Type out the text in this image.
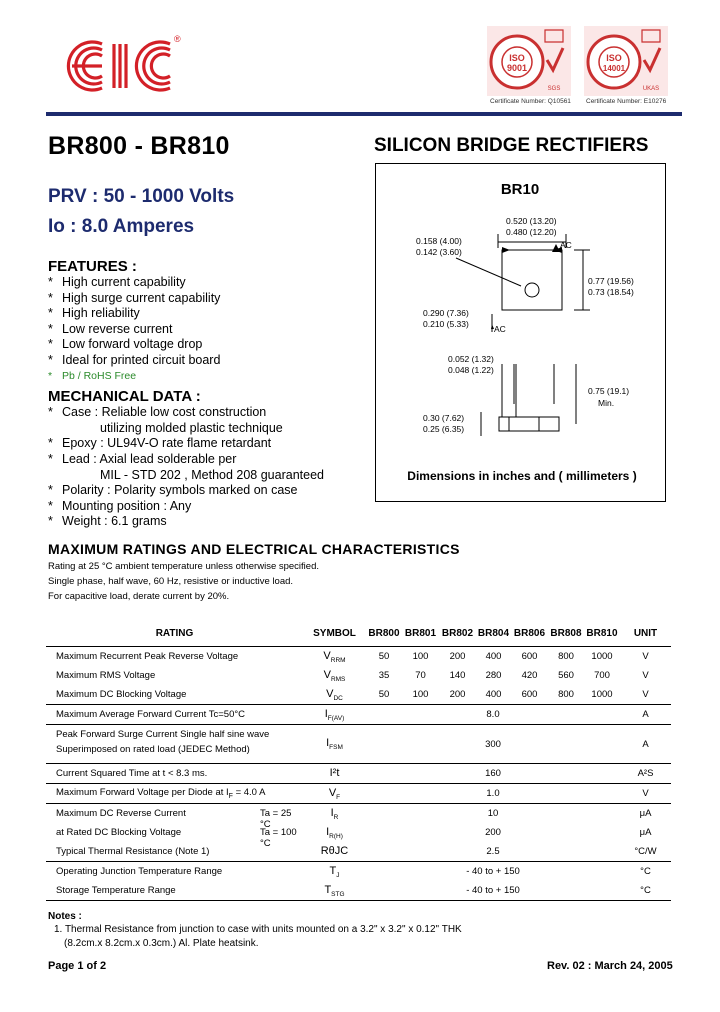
®
ISO
9001
SGS
Certificate Number: Q10561
ISO
14001
UKAS
Certificate Number: E10276
BR800 - BR810	SILICON BRIDGE RECTIFIERS
PRV : 50 - 1000 Volts
Io : 8.0 Amperes
FEATURES :
* High current capability
* High surge current capability
* High reliability
* Low reverse current
* Low forward voltage drop
* Ideal for printed circuit board
* Pb / RoHS Free
MECHANICAL DATA :
* Case : Reliable low cost construction
utilizing molded plastic technique
* Epoxy : UL94V-O rate flame retardant
* Lead : Axial lead solderable per
MIL - STD 202 , Method 208 guaranteed
* Polarity : Polarity symbols marked on case
* Mounting position : Any
* Weight : 6.1 grams
BR10
0.520 (13.20)
0.480 (12.20)
0.158 (4.00)
0.142 (3.60)
0.77 (19.56)
0.73 (18.54)
0.290 (7.36)
0.210 (5.33)
0.052 (1.32)
0.048 (1.22)
0.75 (19.1)
Min.
0.30 (7.62)
0.25 (6.35)
AC
AC
Dimensions in inches and ( millimeters )
MAXIMUM RATINGS AND ELECTRICAL CHARACTERISTICS
Rating at 25 °C ambient temperature unless otherwise specified.
Single phase, half wave, 60 Hz, resistive or inductive load.
For capacitive load, derate current by 20%.
RATING	SYMBOL	BR800	BR801	BR802	BR804	BR806	BR808	BR810	UNIT
Maximum Recurrent Peak Reverse Voltage	$V_{RRM}$	50	100	200	400	600	800	1000	V
Maximum RMS Voltage	$V_{RMS}$	35	70	140	280	420	560	700	V
Maximum DC Blocking Voltage	$V_{DC}$	50	100	200	400	600	800	1000	V
Maximum Average Forward Current Tc=50°C	$I_{F(AV)}$	8.0							A
Peak Forward Surge Current Single half sine wave
Superimposed on rated load (JEDEC Method)	$I_{FSM}$	300							A
Current Squared Time at t < 8.3 ms.	I²t	160							A²S
Maximum Forward Voltage per Diode at $I_F = 4.0$ A	$V_F$	1.0							V
Maximum DC Reverse Current Ta = 25 °C	$I_R$	10							μA
at Rated DC Blocking Voltage Ta = 100 °C	$I_{R(H)}$	200							μA
Typical Thermal Resistance (Note 1)	RθJC	2.5							°C/W
Operating Junction Temperature Range	$T_J$	- 40 to + 150							°C
Storage Temperature Range	$T_{STG}$	- 40 to + 150							°C

Notes :
1. Thermal Resistance from junction to case with units mounted on a 3.2" x 3.2" x 0.12" THK
(8.2cm.x 8.2cm.x 0.3cm.) Al. Plate heatsink.
Page 1 of 2	Rev. 02 : March 24, 2005
